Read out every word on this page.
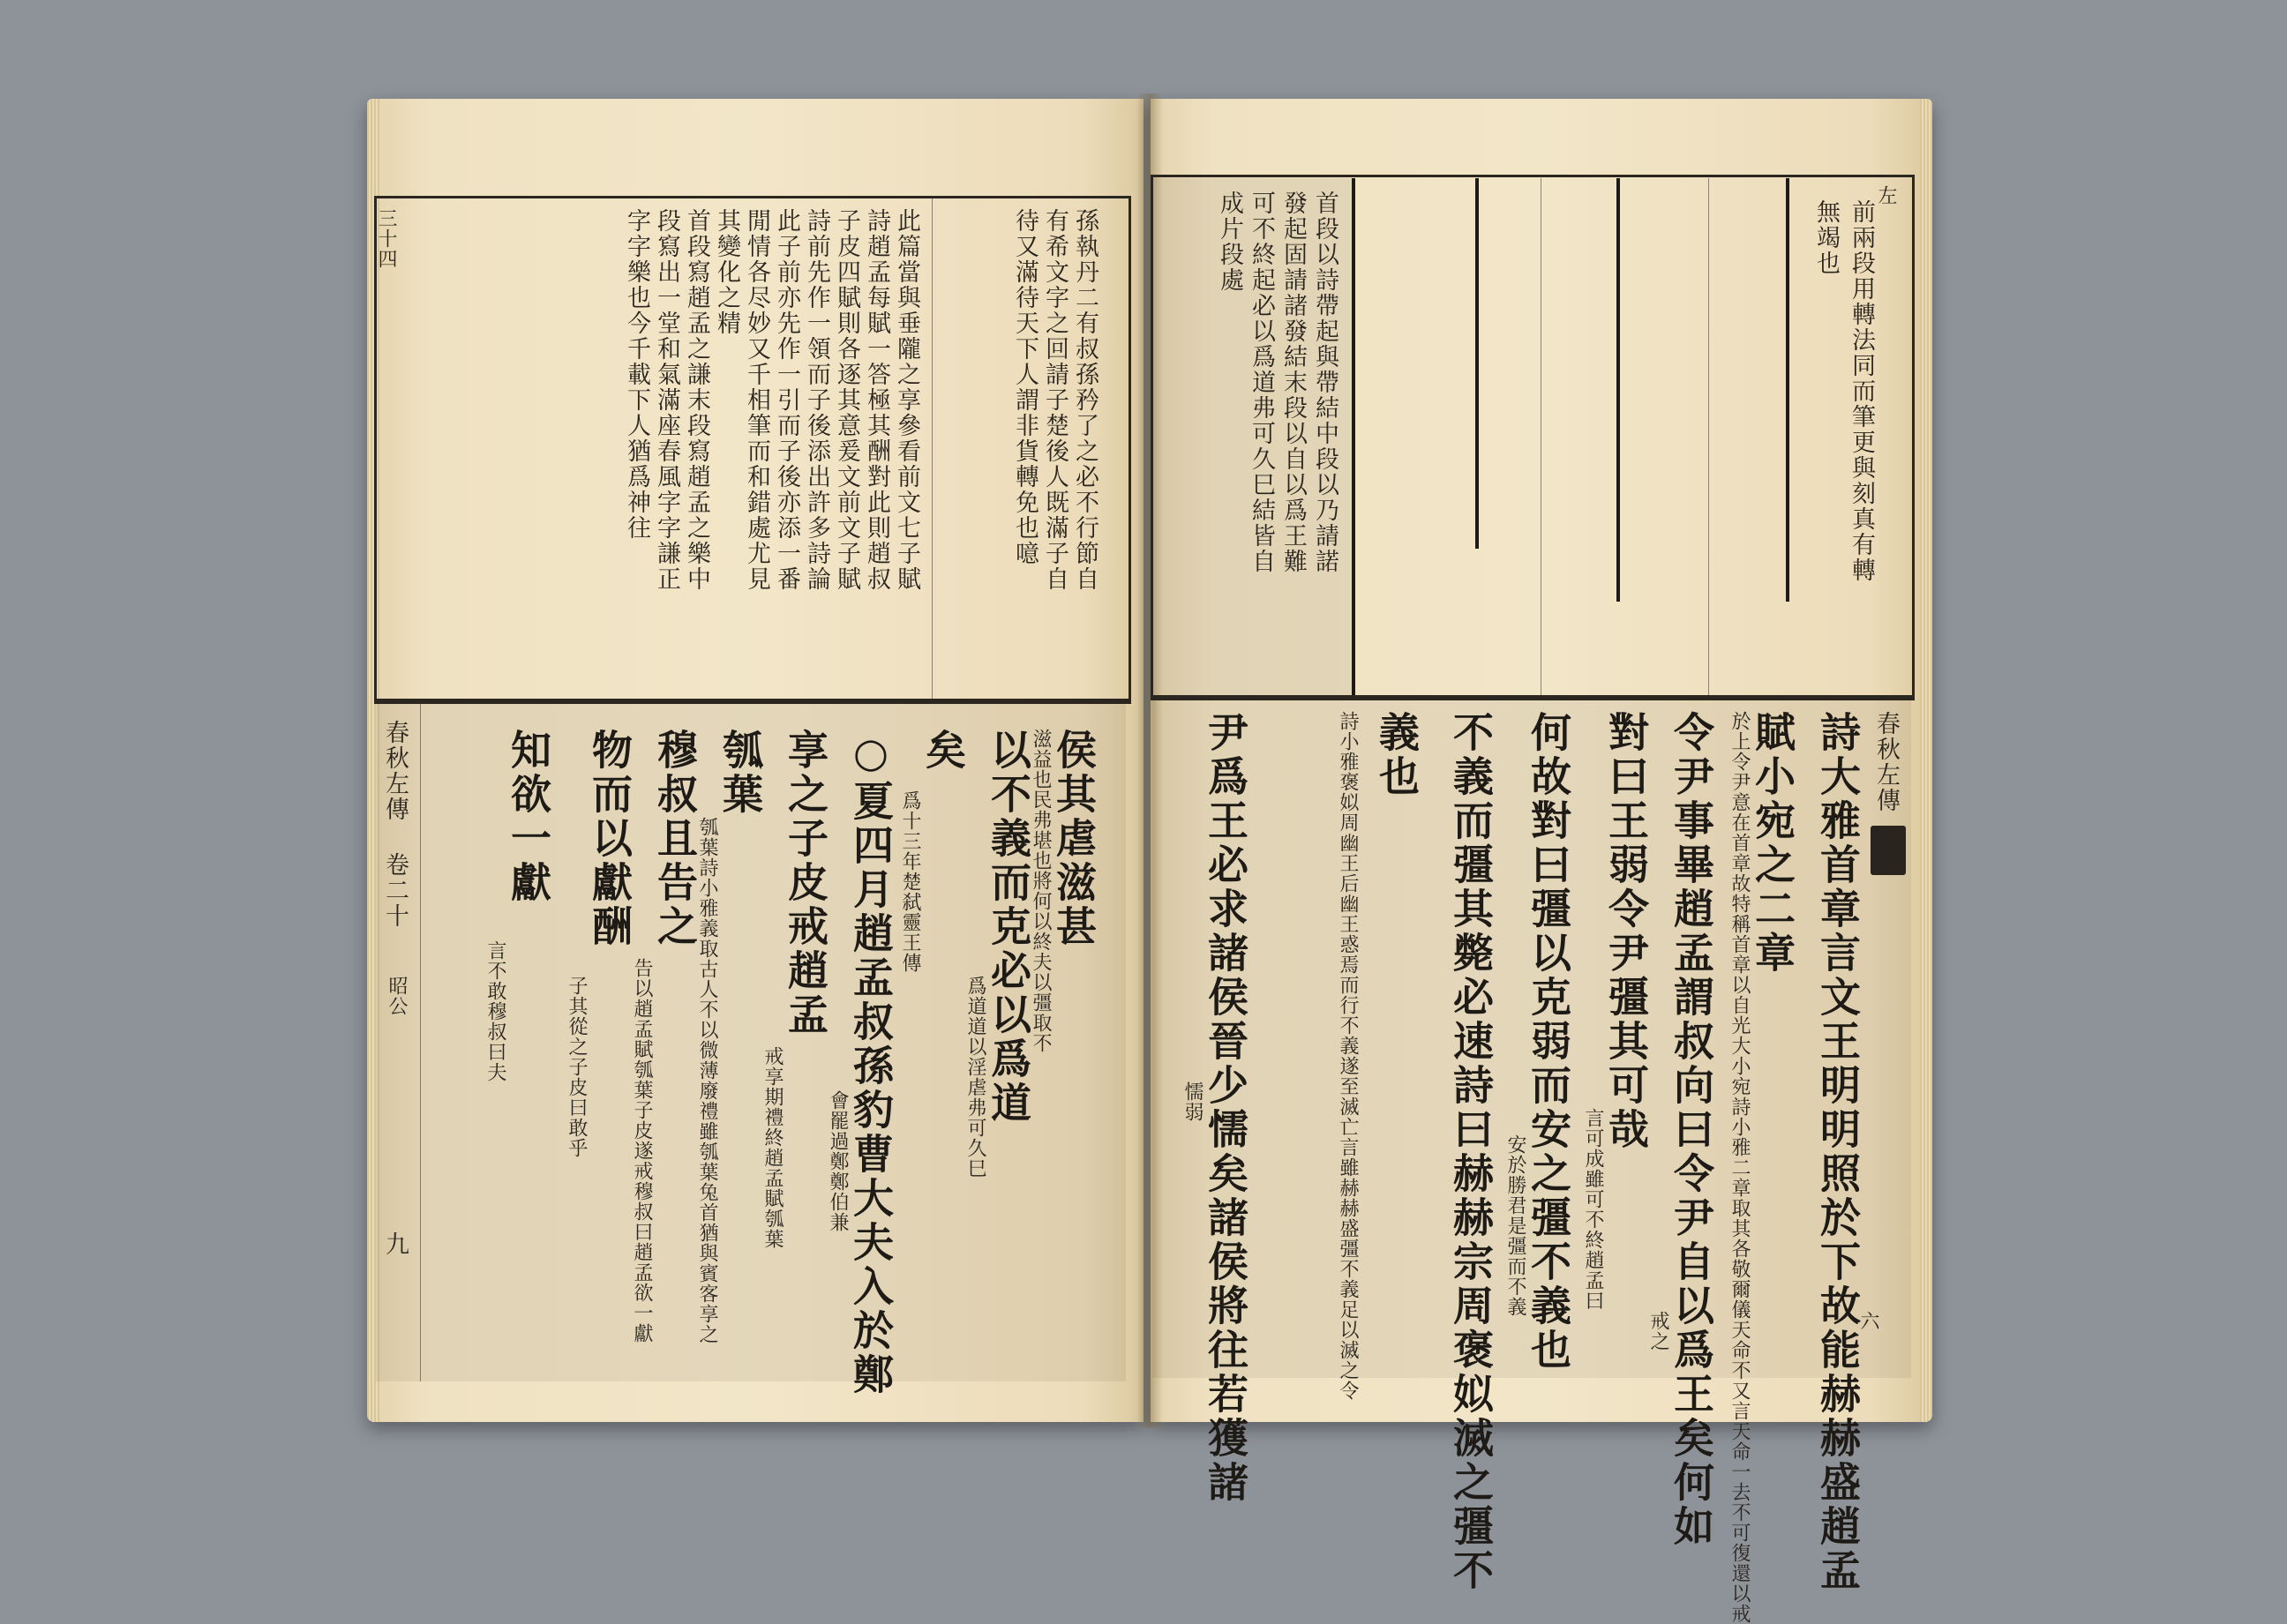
三十四	孫執丹二有叔孫矜了之必不行節自
有希文字之回請子楚後人既滿子自
待又滿待天下人謂非貨轉免也噫
此篇當與垂隴之享參看前文七子賦
詩趙孟每賦一答極其酬對此則趙叔
子皮四賦則各逐其意爰文前文子賦
詩前先作一領而子後添出許多詩論
此子前亦先作一引而子後亦添一番
閒情各尽妙又千相筆而和錯處尤見
其變化之精
首段寫趙孟之謙末段寫趙孟之樂中
段寫出一堂和氣滿座春風字字謙正
字字樂也今千載下人猶爲神往
春秋左傳
卷二十
昭公
九
侯其虐滋甚
滋益也民弗堪也將何以終夫以彊取不
以不義而克必以爲道
爲道道以淫虐弗可久巳
矣
爲十三年楚弑靈王傳
○夏四月趙孟叔孫豹曹大夫入於鄭
會罷過鄭鄭伯兼
享之子皮戒趙孟
戒享期禮終趙孟賦瓠葉
瓠葉
瓠葉詩小雅義取古人不以微薄廢禮雖瓠葉兔首猶與賓客享之
穆叔且告之
告以趙孟賦瓠葉子皮遂戒穆叔曰趙孟欲一獻
物而以獻酬
子其從之子皮曰敢乎
知欲一獻
言不敢穆叔曰夫
左
前兩段用轉法同而筆更與刻真有轉
無竭也
首段以詩帶起與帶結中段以乃請諾
發起固請諸發結末段以自以爲王難
可不終起必以爲道弗可久巳結皆自
成片段處
春秋左傳
詩大雅首章言文王明明照於下故能赫赫盛趙孟
六
賦小宛之二章
於上令尹意在首章故特稱首章以自光大小宛詩小雅二章取其各敬爾儀天命不又言天命一去不可復還以戒
令尹事畢趙孟謂叔向曰令尹自以爲王矣何如
戒之
對曰王弱令尹彊其可哉
言可成雖可不終趙孟曰
何故對曰彊以克弱而安之彊不義也
安於勝君是彊而不義
不義而彊其斃必速詩曰赫赫宗周褒姒滅之彊不
義也
詩小雅褒姒周幽王后幽王惑焉而行不義遂至滅亡言雖赫赫盛彊不義足以滅之令
尹爲王必求諸侯晉少懦矣諸侯將往若獲諸
懦弱
